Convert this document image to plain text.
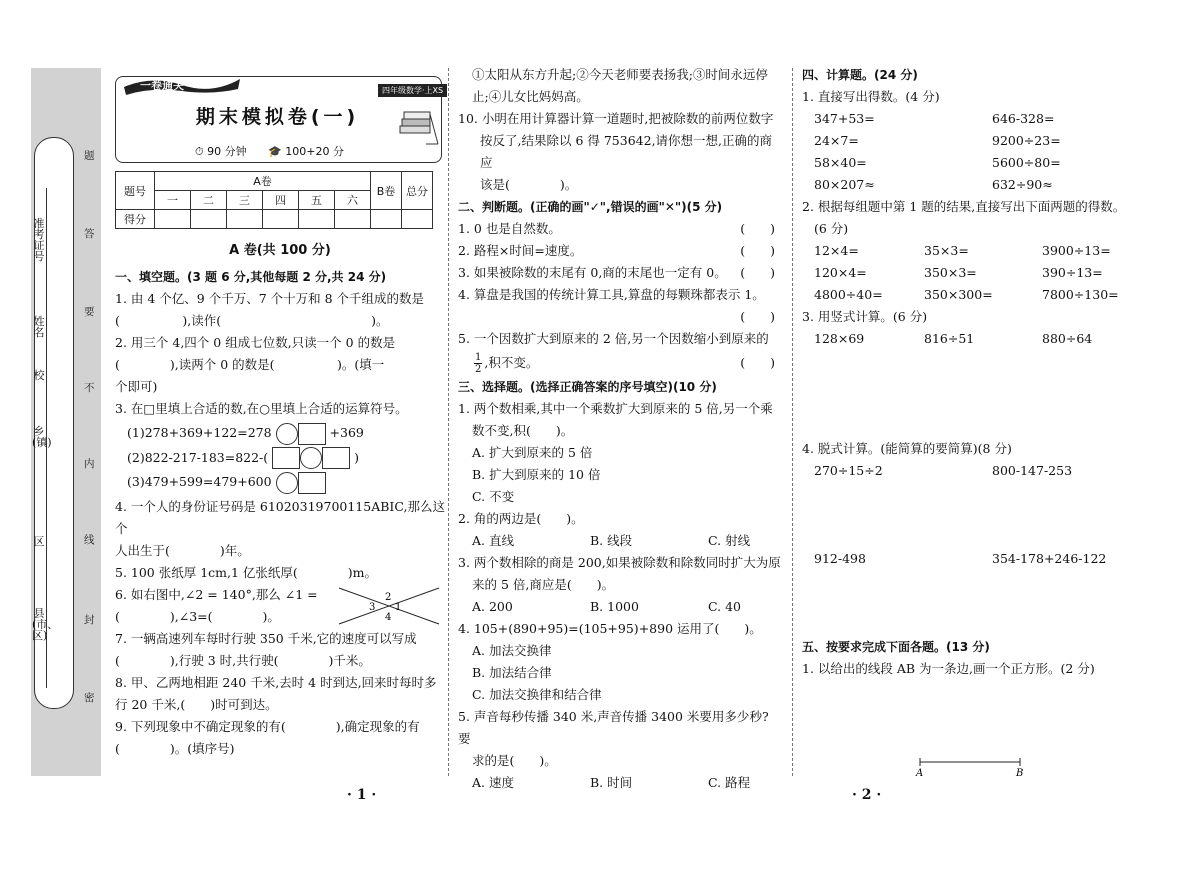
准考证号
姓名
校
乡(镇)
区
县(市、区)
题
答
要
不
内
线
封
密
一卷通关	四年级数学·上XS
期末模拟卷(一)
⏱ 90 分钟 🎓 100+20 分
题号	A卷						B卷	总分
	一	二	三	四	五	六		
得分								
A 卷(共 100 分)
一、填空题。(3 题 6 分,其他每题 2 分,共 24 分)
1. 由 4 个亿、9 个千万、7 个十万和 8 个千组成的数是
(　　　　　),读作(　　　　　　　　　　　　)。
2. 用三个 4,四个 0 组成七位数,只读一个 0 的数是
(　　　　),读两个 0 的数是(　　　　　)。(填一
个即可)
3. 在□里填上合适的数,在○里填上合适的运算符号。
(1)278+369+122=278	+369
(2)822-217-183=822-(	)
(3)479+599=479+600
4. 一个人的身份证号码是 61020319700115ABIC,那么这个
人出生于(　　　　)年。
5. 100 张纸厚 1cm,1 亿张纸厚(　　　　)m。
6. 如右图中,∠2 = 140°,那么 ∠1 =
(　　　　),∠3=(　　　　)。
2
3 1
4
7. 一辆高速列车每时行驶 350 千米,它的速度可以写成
(　　　　),行驶 3 时,共行驶(　　　　)千米。
8. 甲、乙两地相距 240 千米,去时 4 时到达,回来时每时多
行 20 千米,(　　)时可到达。
9. 下列现象中不确定现象的有(　　　　),确定现象的有
(　　　　)。(填序号)
①太阳从东方升起;②今天老师要表扬我;③时间永远停
止;④儿女比妈妈高。
10. 小明在用计算器计算一道题时,把被除数的前两位数字
按反了,结果除以 6 得 753642,请你想一想,正确的商应
该是(　　　　)。
二、判断题。(正确的画"✓",错误的画"✕")(5 分)
1. 0 也是自然数。	(　　)
2. 路程×时间=速度。	(　　)
3. 如果被除数的末尾有 0,商的末尾也一定有 0。 (　　)
4. 算盘是我国的传统计算工具,算盘的每颗珠都表示 1。
(　　)

5. 一个因数扩大到原来的 2 倍,另一个因数缩小到原来的
$\frac{1}{2}$ ,积不变。	(　　)
三、选择题。(选择正确答案的序号填空)(10 分)
1. 两个数相乘,其中一个乘数扩大到原来的 5 倍,另一个乘
数不变,积(　　)。
A. 扩大到原来的 5 倍
B. 扩大到原来的 10 倍
C. 不变
2. 角的两边是(　　)。
A. 直线	B. 线段	C. 射线
3. 两个数相除的商是 200,如果被除数和除数同时扩大为原
来的 5 倍,商应是(　　)。
A. 200	B. 1000	C. 40
4. 105+(890+95)=(105+95)+890 运用了(　　)。
A. 加法交换律
B. 加法结合律
C. 加法交换律和结合律
5. 声音每秒传播 340 米,声音传播 3400 米要用多少秒? 要
求的是(　　)。
A. 速度	B. 时间	C. 路程
四、计算题。(24 分)
1. 直接写出得数。(4 分)
347+53=	646-328=
24×7=	9200÷23=
58×40=	5600÷80=
80×207≈	632÷90≈
2. 根据每组题中第 1 题的结果,直接写出下面两题的得数。
(6 分)
12×4=	35×3=	3900÷13=
120×4=	350×3=	390÷13=
4800÷40=	350×300=	7800÷130=
3. 用竖式计算。(6 分)
128×69	816÷51	880÷64
4. 脱式计算。(能简算的要简算)(8 分)
270÷15÷2	800-147-253
912-498	354-178+246-122
五、按要求完成下面各题。(13 分)
1. 以给出的线段 AB 为一条边,画一个正方形。(2 分)
A	B
· 1 ·	· 2 ·
